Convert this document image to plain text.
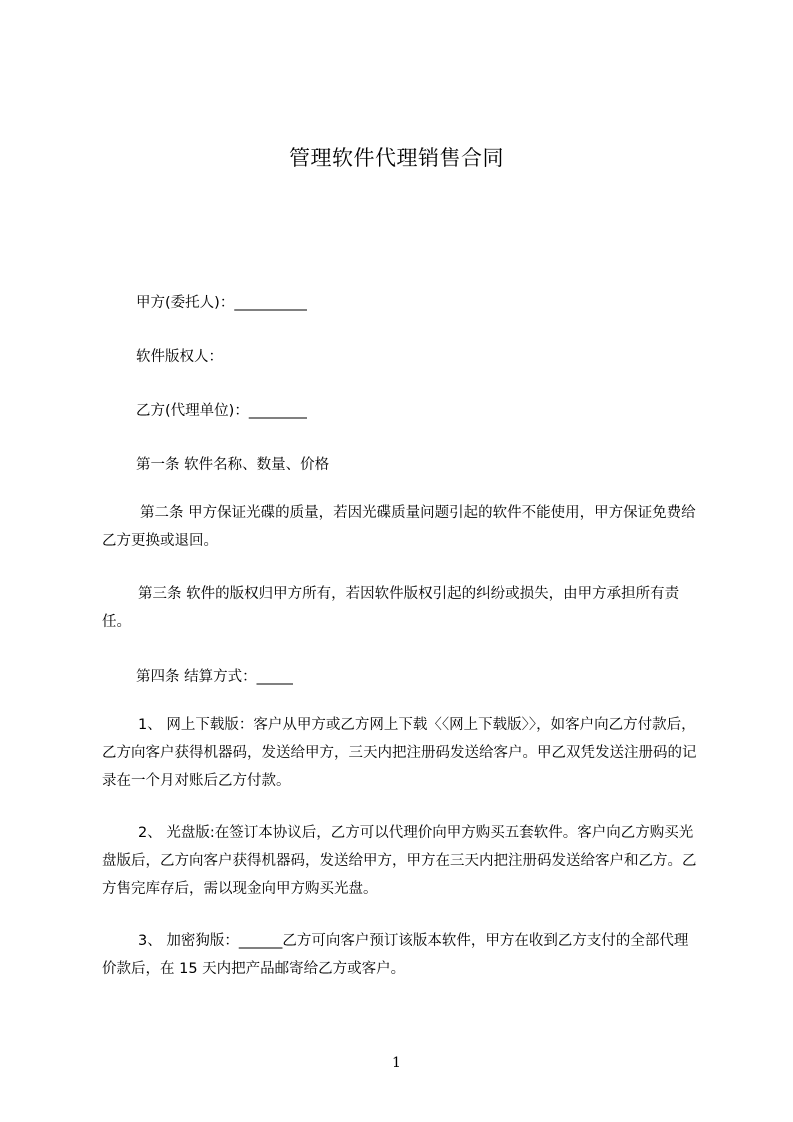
管理软件代理销售合同
甲方(委托人)：__________
软件版权人：
乙方(代理单位)：________
第一条 软件名称、数量、价格
第二条 甲方保证光碟的质量，若因光碟质量问题引起的软件不能使用，甲方保证免费给乙方更换或退回。
第三条 软件的版权归甲方所有，若因软件版权引起的纠纷或损失，由甲方承担所有责任。
第四条 结算方式：_____
1、 网上下载版：客户从甲方或乙方网上下载〈〈网上下载版〉〉，如客户向乙方付款后，乙方向客户获得机器码，发送给甲方，三天内把注册码发送给客户。甲乙双凭发送注册码的记录在一个月对账后乙方付款。
2、 光盘版:在签订本协议后，乙方可以代理价向甲方购买五套软件。客户向乙方购买光盘版后，乙方向客户获得机器码，发送给甲方，甲方在三天内把注册码发送给客户和乙方。乙方售完库存后，需以现金向甲方购买光盘。
3、 加密狗版：______乙方可向客户预订该版本软件，甲方在收到乙方支付的全部代理价款后，在 15 天内把产品邮寄给乙方或客户。
1
